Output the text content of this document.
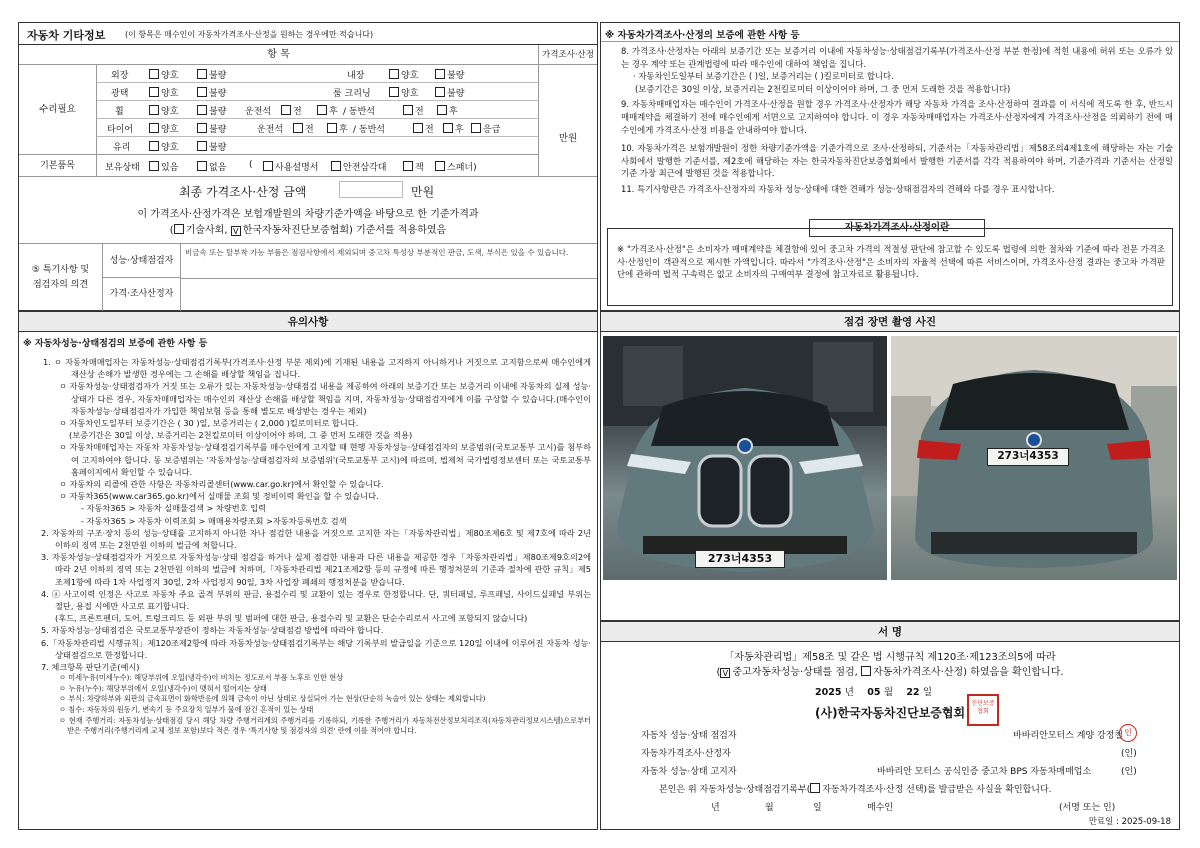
자동차 기타정보 (이 항목은 매수인이 자동차가격조사·산정을 원하는 경우에만 적습니다)
항 목	가격조사·산정
수리필요
외장	양호	불량	내장	양호	불량
광택	양호	불량	룸 크리닝	양호	불량
휠	양호	불량 운전석	전	후 / 동반석	전	후
타이어	양호	불량	운전석	전	후 / 동반석	전	후	응급
유리	양호	불량
기본품목	보유상태	있음	없음	(	사용설명서	안전삼각대	잭	스패너)
만원
최종 가격조사·산정 금액	만원
이 가격조사·산정가격은 보험개발원의 차량기준가액을 바탕으로 한 기준가격과
( 기술사회, V 한국자동차진단보증협회) 기준서를 적용하였음
⑤ 특기사항 및
점검자의 의견
성능·상태점검자
비금속 또는 탈부착 가능 부품은 점검사항에서 제외되며 중고차 특성상 부분적인 판금, 도색, 부식은 있을 수 있습니다.
가격·조사산정자
※ 자동차가격조사·산정의 보증에 관한 사항 등
8. 가격조사·산정자는 아래의 보증기간 또는 보증거리 이내에 자동차성능·상태점검기록부(가격조사·산정 부분 한정)에 적힌 내용에 허위 또는 오류가 있는 경우 계약 또는 관계법령에 따라 매수인에 대하여 책임을 집니다.
· 자동차인도일부터 보증기간은 ( )일, 보증거리는 ( )킬로미터로 합니다.
(보증기간은 30일 이상, 보증거리는 2천킬로미터 이상이어야 하며, 그 중 먼저 도래한 것을 적용합니다)
9. 자동차매매업자는 매수인이 가격조사·산정을 원할 경우 가격조사·산정자가 해당 자동차 가격을 조사·산정하여 결과를 이 서식에 적도록 한 후, 반드시 매매계약을 체결하기 전에 매수인에게 서면으로 고지하여야 합니다. 이 경우 자동차매매업자는 가격조사·산정자에게 가격조사·산정을 의뢰하기 전에 매수인에게 가격조사·산정 비용을 안내하여야 합니다.
10. 자동차가격은 보험개발원이 정한 차량기준가액을 기준가격으로 조사·산정하되, 기준서는「자동차관리법」제58조의4제1호에 해당하는 자는 기술사회에서 발행한 기준서를, 제2호에 해당하는 자는 한국자동차진단보증협회에서 발행한 기준서를 각각 적용하여야 하며, 기준가격과 기준서는 산정일 기준 가장 최근에 발행된 것을 적용합니다.
11. 특기사항란은 가격조사·산정자의 자동차 성능·상태에 대한 견해가 성능·상태점검자의 견해와 다를 경우 표시합니다.
자동차가격조사·산정이란
※ "가격조사·산정"은 소비자가 매매계약을 체결함에 있어 중고차 가격의 적절성 판단에 참고할 수 있도록 법령에 의한 절차와 기준에 따라 전문 가격조사·산정인이 객관적으로 제시한 가액입니다. 따라서 "가격조사·산정"은 소비자의 자율적 선택에 따른 서비스이며, 가격조사·산정 결과는 중고차 가격판단에 관하여 법적 구속력은 없고 소비자의 구매여부 결정에 참고자료로 활용됩니다.
유의사항
※ 자동차성능·상태점검의 보증에 관한 사항 등
1. ㅇ 자동차매매업자는 자동차성능·상태점검기록부(가격조사·산정 부분 제외)에 기재된 내용을 고지하지 아니하거나 거짓으로 고지함으로써 매수인에게 재산상 손해가 발생한 경우에는 그 손해를 배상할 책임을 집니다.
ㅇ 자동차성능·상태점검자가 거짓 또는 오류가 있는 자동차성능·상태점검 내용을 제공하여 아래의 보증기간 또는 보증거리 이내에 자동차의 실제 성능·상태가 다른 경우, 자동차매매업자는 매수인의 재산상 손해를 배상할 책임을 지며, 자동차성능·상태점검자에게 이를 구상할 수 있습니다.(매수인이 자동차성능·상태점검자가 가입한 책임보험 등을 통해 별도로 배상받는 경우는 제외)
ㅇ 자동차인도일부터 보증기간은 ( 30 )일, 보증거리는 ( 2,000 )킬로미터로 합니다.
(보증기간은 30일 이상, 보증거리는 2천킬로미터 이상이어야 하며, 그 중 먼저 도래한 것을 적용)
ㅇ 자동차매매업자는 자동차 자동차성능·상태점검기록부를 매수인에게 고지할 때 현행 자동차성능·상태점검자의 보증범위(국토교통부 고시)를 첨부하여 고지하여야 합니다. 동 보증범위는 '자동차성능·상태점검자의 보증범위'(국토교통부 고시)에 따르며, 법제처 국가법령정보센터 또는 국토교통부 홈페이지에서 확인할 수 있습니다.
ㅇ 자동차의 리콜에 관한 사항은 자동차리콜센터(www.car.go.kr)에서 확인할 수 있습니다.
ㅇ 자동차365(www.car365.go.kr)에서 실매물 조회 및 정비이력 확인을 할 수 있습니다.
- 자동차365 > 자동차 실매물검색 > 차량번호 입력
- 자동차365 > 자동차 이력조회 > 매매용차량조회 >자동차등록번호 검색
2. 자동차의 구조·장치 등의 성능·상태를 고지하지 아니한 자나 점검한 내용을 거짓으로 고지한 자는「자동차관리법」제80조제6호 및 제7호에 따라 2년 이하의 징역 또는 2천만원 이하의 벌금에 처합니다.
3. 자동차성능·상태점검자가 거짓으로 자동차성능·상태 점검을 하거나 실제 점검한 내용과 다른 내용을 제공한 경우「자동차관리법」제80조제9호의2에 따라 2년 이하의 징역 또는 2천만원 이하의 벌금에 처하며,「자동차관리법 제21조제2항 등의 규정에 따른 행정처분의 기준과 절차에 관한 규칙」제5조제1항에 따라 1차 사업정지 30일, 2차 사업정지 90일, 3차 사업장 폐쇄의 행정처분을 받습니다.
4. ⓐ 사고이력 인정은 사고로 자동차 주요 골격 부위의 판금, 용접수리 및 교환이 있는 경우로 한정합니다. 단, 쿼터패널, 루프패널, 사이드실패널 부위는 절단, 용접 시에만 사고로 표기합니다.
(후드, 프론트펜더, 도어, 트렁크리드 등 외판 부위 및 범퍼에 대한 판금, 용접수리 및 교환은 단순수리로서 사고에 포함되지 않습니다)
5. 자동차성능·상태점검은 국토교통부장관이 정하는 자동차성능·상태점검 방법에 따라야 합니다.
6.「자동차관리법 시행규칙」제120조제2항에 따라 자동차성능·상태점검기록부는 해당 기록부의 발급일을 기준으로 120일 이내에 이루어진 자동차 성능·상태점검으로 한정합니다.
7. 체크항목 판단기준(예시)
ㅇ 미세누유(미세누수): 해당부위에 오일(냉각수)이 비치는 정도로서 부품 노후로 인한 현상
ㅇ 누유(누수): 해당부위에서 오일(냉각수)이 맺혀서 떨어지는 상태
ㅇ 부식: 차량하부와 외판의 금속표면이 화학반응에 의해 금속이 아닌 상태로 상실되어 가는 현상(단순히 녹슬어 있는 상태는 제외합니다)
ㅇ 침수: 자동차의 원동기, 변속기 등 주요장치 일부가 물에 잠긴 흔적이 있는 상태
ㅇ 현재 주행거리: 자동차성능·상태점검 당시 해당 차량 주행거리계의 주행거리를 기록하되, 기록한 주행거리가 자동차전산정보처리조직(자동차관리정보시스템)으로부터 받은 주행거리(주행거리계 교체 정보 포함)보다 적은 경우 '특기사항 및 점검자의 의견' 란에 이를 적어야 합니다.
점검 장면 촬영 사진
273너4353
273너4353
서 명
「자동차관리법」제58조 및 같은 법 시행규칙 제120조·제123조의5에 따라
( V 중고자동차성능·상태를 점검, 자동차가격조사·산정) 하였음을 확인합니다.
2025 년 05 월 22 일
(사)한국자동차진단보증협회
진단보증협회
자동차 성능·상태 점검자	바바리안모터스 계양 강정철 인
자동차가격조사·산정자	(인)
자동차 성능·상태 고지자	바바리안 모터스 공식인증 중고차 BPS 자동차매매업소	(인)
본인은 위 자동차성능·상태점검기록부( 자동차가격조사·산정 선택)를 발급받은 사실을 확인합니다.
년	월	일	매수인	(서명 또는 인)
만료일 : 2025-09-18
